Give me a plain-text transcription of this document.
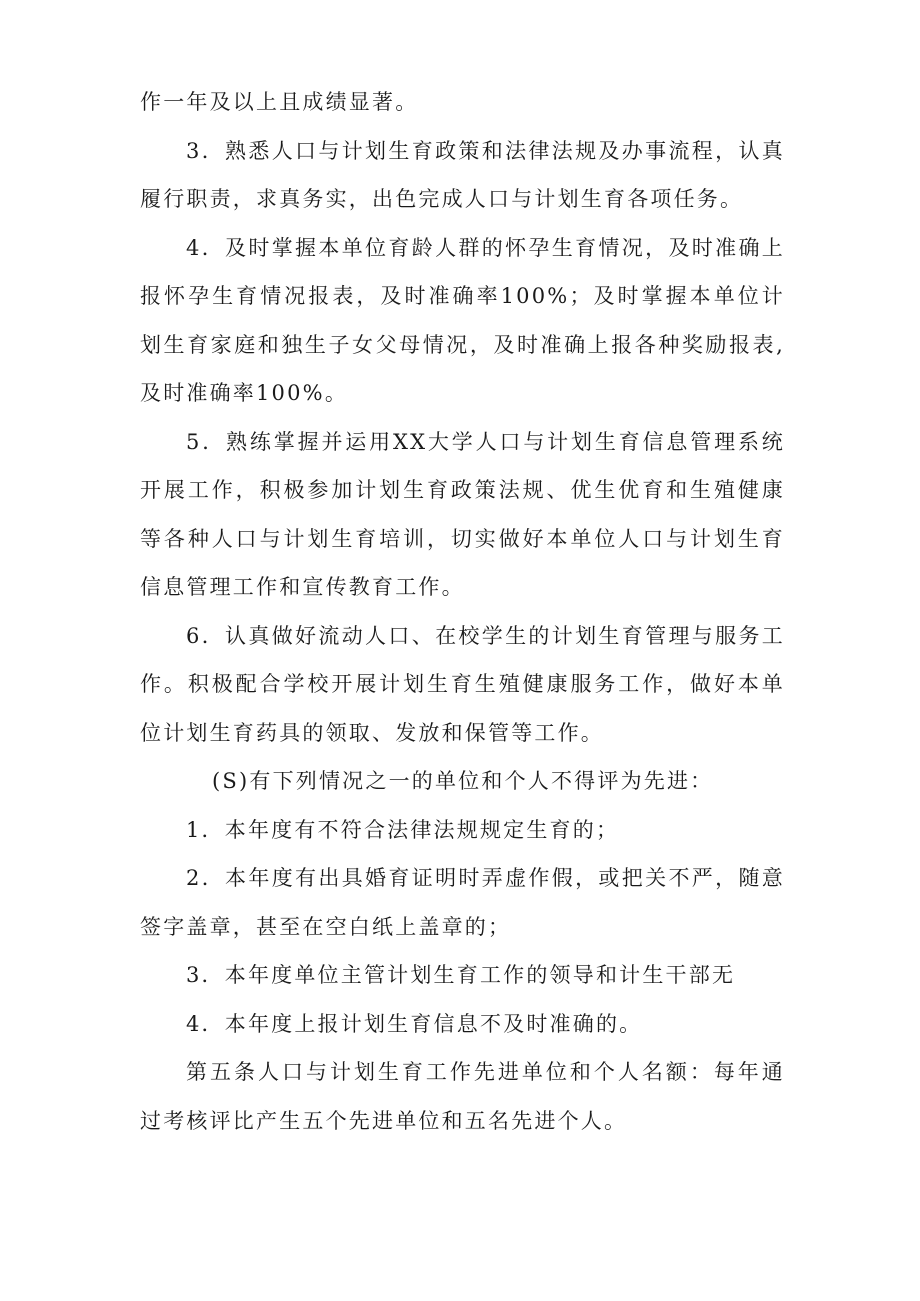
作一年及以上且成绩显著。

3．熟悉人口与计划生育政策和法律法规及办事流程，认真履行职责，求真务实，出色完成人口与计划生育各项任务。

4．及时掌握本单位育龄人群的怀孕生育情况，及时准确上报怀孕生育情况报表，及时准确率100%；及时掌握本单位计划生育家庭和独生子女父母情况，及时准确上报各种奖励报表,及时准确率100%。

5．熟练掌握并运用XX大学人口与计划生育信息管理系统开展工作，积极参加计划生育政策法规、优生优育和生殖健康等各种人口与计划生育培训，切实做好本单位人口与计划生育信息管理工作和宣传教育工作。

6．认真做好流动人口、在校学生的计划生育管理与服务工作。积极配合学校开展计划生育生殖健康服务工作，做好本单位计划生育药具的领取、发放和保管等工作。

(S)有下列情况之一的单位和个人不得评为先进：

1．本年度有不符合法律法规规定生育的；

2．本年度有出具婚育证明时弄虚作假，或把关不严，随意签字盖章，甚至在空白纸上盖章的；

3．本年度单位主管计划生育工作的领导和计生干部无

4．本年度上报计划生育信息不及时准确的。

第五条人口与计划生育工作先进单位和个人名额：每年通过考核评比产生五个先进单位和五名先进个人。
